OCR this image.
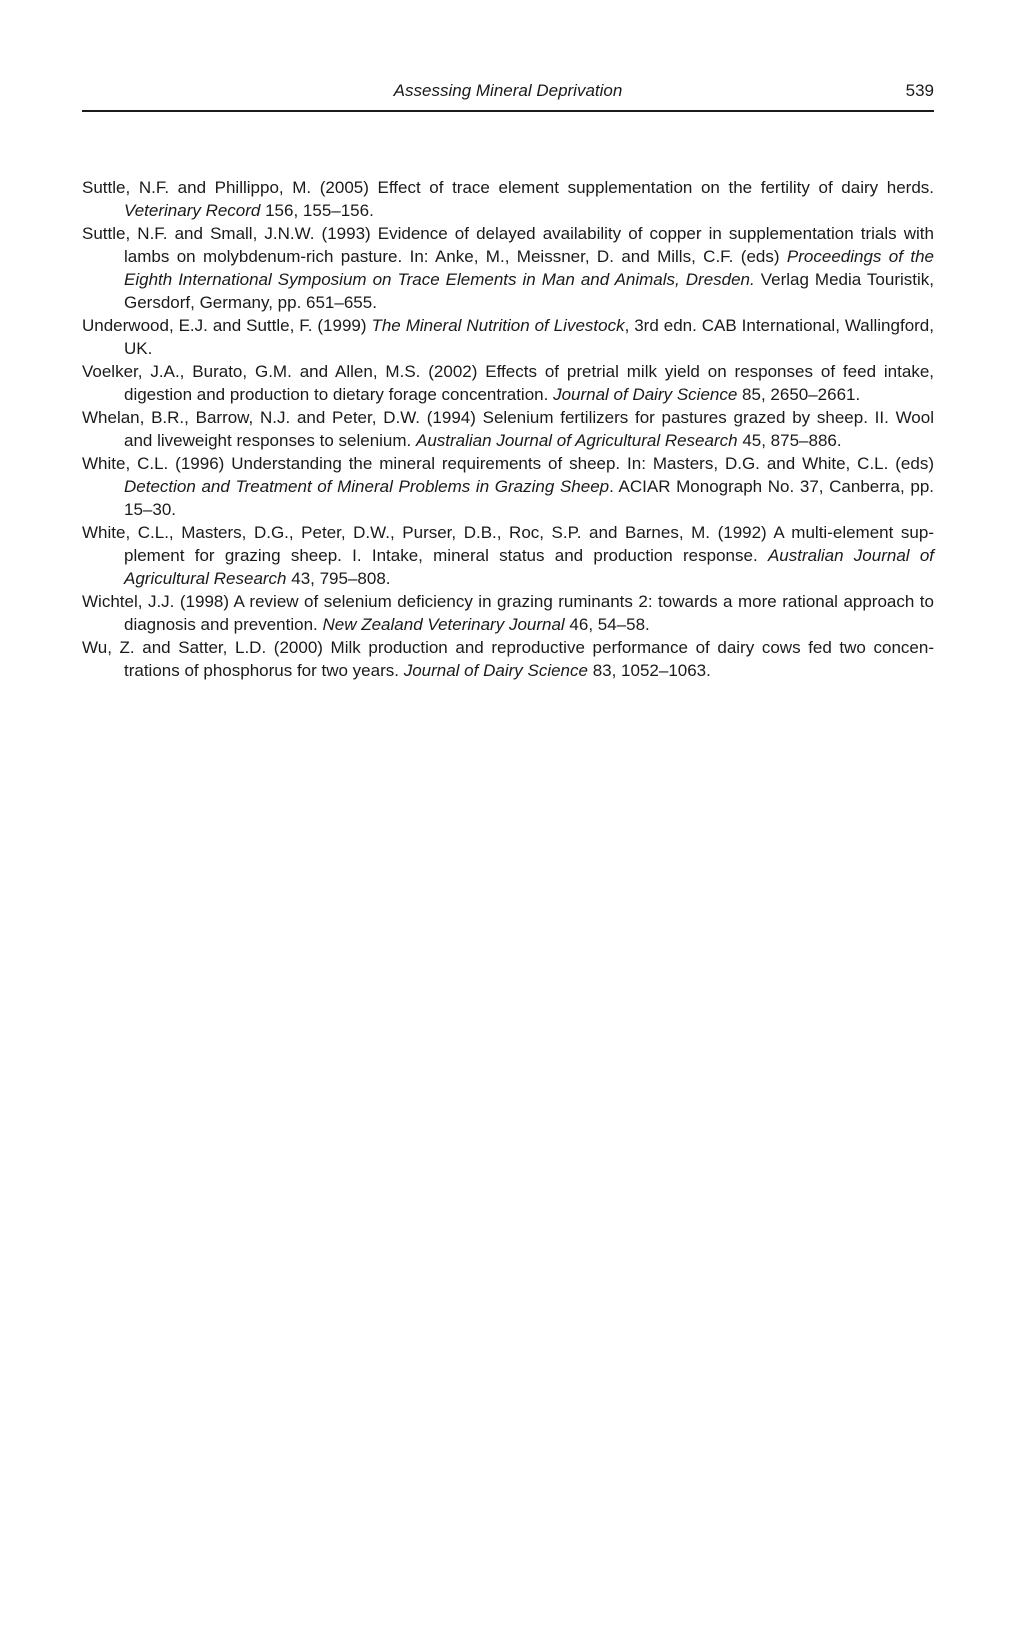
Assessing Mineral Deprivation	539

Suttle, N.F. and Phillippo, M. (2005) Effect of trace element supplementation on the fertility of dairy herds. Veterinary Record 156, 155–156.

Suttle, N.F. and Small, J.N.W. (1993) Evidence of delayed availability of copper in supplementation trials with lambs on molybdenum-rich pasture. In: Anke, M., Meissner, D. and Mills, C.F. (eds) Proceedings of the Eighth International Symposium on Trace Elements in Man and Animals, Dresden. Verlag Media Touristik, Gersdorf, Germany, pp. 651–655.

Underwood, E.J. and Suttle, F. (1999) The Mineral Nutrition of Livestock, 3rd edn. CAB International, Wallingford, UK.

Voelker, J.A., Burato, G.M. and Allen, M.S. (2002) Effects of pretrial milk yield on responses of feed intake, digestion and production to dietary forage concentration. Journal of Dairy Science 85, 2650–2661.

Whelan, B.R., Barrow, N.J. and Peter, D.W. (1994) Selenium fertilizers for pastures grazed by sheep. II. Wool and liveweight responses to selenium. Australian Journal of Agricultural Research 45, 875–886.

White, C.L. (1996) Understanding the mineral requirements of sheep. In: Masters, D.G. and White, C.L. (eds) Detection and Treatment of Mineral Problems in Grazing Sheep. ACIAR Monograph No. 37, Canberra, pp. 15–30.

White, C.L., Masters, D.G., Peter, D.W., Purser, D.B., Roc, S.P. and Barnes, M. (1992) A multi-element supplement for grazing sheep. I. Intake, mineral status and production response. Australian Journal of Agricultural Research 43, 795–808.

Wichtel, J.J. (1998) A review of selenium deficiency in grazing ruminants 2: towards a more rational approach to diagnosis and prevention. New Zealand Veterinary Journal 46, 54–58.

Wu, Z. and Satter, L.D. (2000) Milk production and reproductive performance of dairy cows fed two concentrations of phosphorus for two years. Journal of Dairy Science 83, 1052–1063.
